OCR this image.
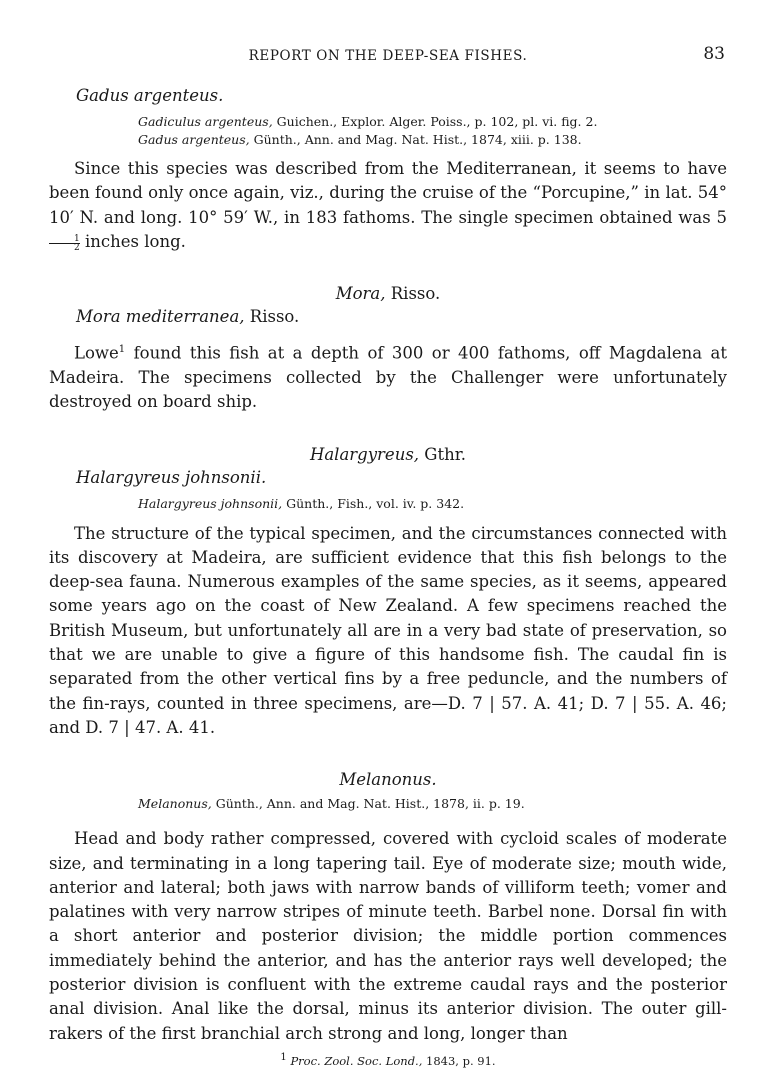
REPORT ON THE DEEP-SEA FISHES.	83
Gadus argenteus.
Gadiculus argenteus, Guichen., Explor. Alger. Poiss., p. 102, pl. vi. fig. 2.
Gadus argenteus, Günth., Ann. and Mag. Nat. Hist., 1874, xiii. p. 138.

Since this species was described from the Mediterranean, it seems to have been found only once again, viz., during the cruise of the “Porcupine,” in lat. 54° 10′ N. and long. 10° 59′ W., in 183 fathoms. The single specimen obtained was 5
$\frac{1}{2}$ inches long.

Mora, Risso.
Mora mediterranea, Risso.

Lowe$^1$ found this fish at a depth of 300 or 400 fathoms, off Magdalena at Madeira. The specimens collected by the Challenger were unfortunately destroyed on board ship.

Halargyreus, Gthr.
Halargyreus johnsonii.
Halargyreus johnsonii, Günth., Fish., vol. iv. p. 342.

The structure of the typical specimen, and the circumstances connected with its discovery at Madeira, are sufficient evidence that this fish belongs to the deep-sea fauna. Numerous examples of the same species, as it seems, appeared some years ago on the coast of New Zealand. A few specimens reached the British Museum, but unfortunately all are in a very bad state of preservation, so that we are unable to give a figure of this handsome fish. The caudal fin is separated from the other vertical fins by a free peduncle, and the numbers of the fin-rays, counted in three specimens, are—D. 7 | 57. A. 41; D. 7 | 55. A. 46; and D. 7 | 47. A. 41.

Melanonus.
Melanonus, Günth., Ann. and Mag. Nat. Hist., 1878, ii. p. 19.

Head and body rather compressed, covered with cycloid scales of moderate size, and terminating in a long tapering tail. Eye of moderate size; mouth wide, anterior and lateral; both jaws with narrow bands of villiform teeth; vomer and palatines with very narrow stripes of minute teeth. Barbel none. Dorsal fin with a short anterior and posterior division; the middle portion commences immediately behind the anterior, and has the anterior rays well developed; the posterior division is confluent with the extreme caudal rays and the posterior anal division. Anal like the dorsal, minus its anterior division. The outer gill-rakers of the first branchial arch strong and long, longer than

$^1$ Proc. Zool. Soc. Lond., 1843, p. 91.
